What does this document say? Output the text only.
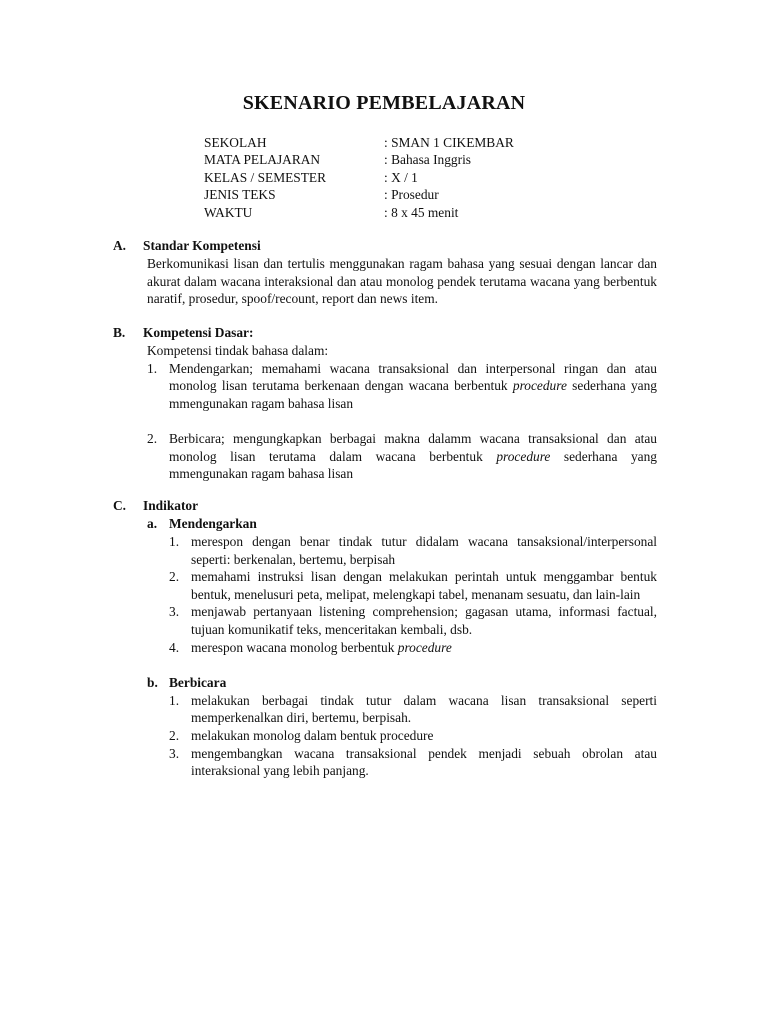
SKENARIO PEMBELAJARAN
SEKOLAH	: SMAN 1 CIKEMBAR
MATA PELAJARAN	: Bahasa Inggris
KELAS / SEMESTER	: X / 1
JENIS TEKS	: Prosedur
WAKTU	: 8 x 45 menit
A. Standar Kompetensi
Berkomunikasi lisan dan tertulis menggunakan ragam bahasa yang sesuai dengan lancar dan akurat dalam wacana interaksional dan atau monolog pendek terutama wacana yang berbentuk naratif, prosedur, spoof/recount, report dan news item.
B. Kompetensi Dasar:
Kompetensi tindak bahasa dalam:
1. Mendengarkan; memahami wacana transaksional dan interpersonal ringan dan atau monolog lisan terutama berkenaan dengan wacana berbentuk procedure sederhana yang mmengunakan ragam bahasa lisan
2. Berbicara; mengungkapkan berbagai makna dalamm wacana transaksional dan atau monolog lisan terutama dalam wacana berbentuk procedure sederhana yang mmengunakan ragam bahasa lisan
C. Indikator
a. Mendengarkan
1. merespon dengan benar tindak tutur didalam wacana tansaksional/interpersonal seperti: berkenalan, bertemu, berpisah
2. memahami instruksi lisan dengan melakukan perintah untuk menggambar bentuk bentuk, menelusuri peta, melipat, melengkapi tabel, menanam sesuatu, dan lain-lain
3. menjawab pertanyaan listening comprehension; gagasan utama, informasi factual, tujuan komunikatif teks, menceritakan kembali, dsb.
4. merespon wacana monolog berbentuk procedure
b. Berbicara
1. melakukan berbagai tindak tutur dalam wacana lisan transaksional seperti memperkenalkan diri, bertemu, berpisah.
2. melakukan monolog dalam bentuk procedure
3. mengembangkan wacana transaksional pendek menjadi sebuah obrolan atau interaksional yang lebih panjang.
